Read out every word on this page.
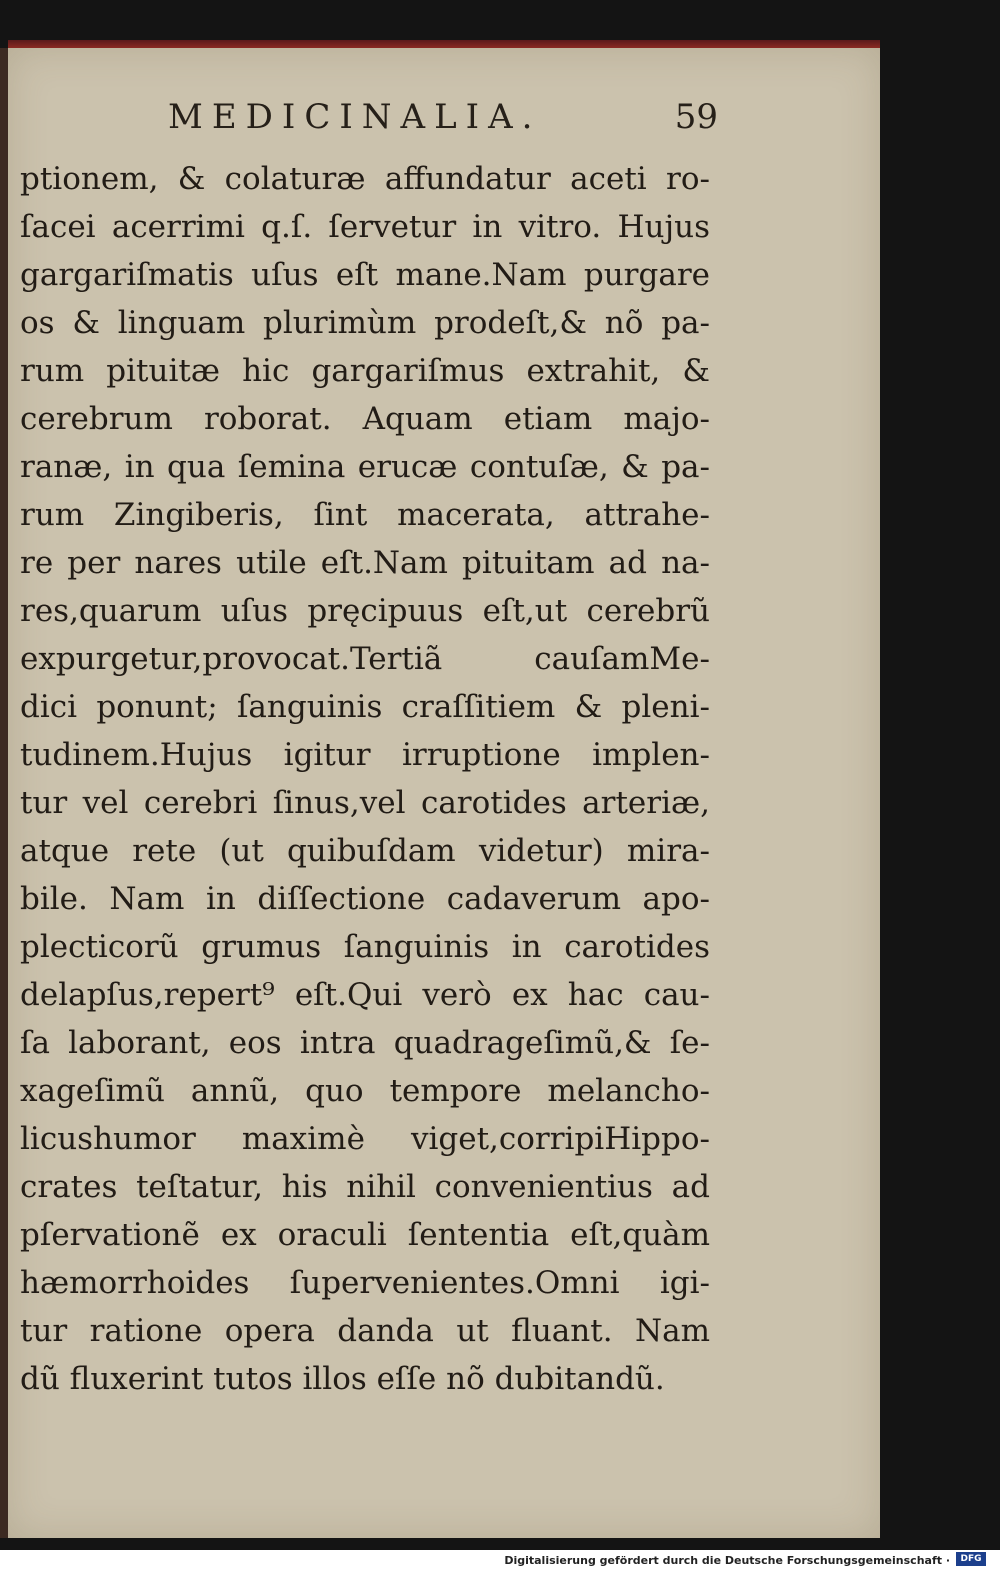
MEDICINALIA.	59
ptionem, & colaturæ affundatur aceti ro-
ſacei acerrimi q.ſ. ſervetur in vitro. Hujus
gargariſmatis uſus eſt mane.Nam purgare
os & linguam plurimùm prodeſt,& nõ pa-
rum pituitæ hic gargariſmus extrahit, &
cerebrum roborat. Aquam etiam majo-
ranæ, in qua ſemina erucæ contuſæ, & pa-
rum Zingiberis, ſint macerata, attrahe-
re per nares utile eſt.Nam pituitam ad na-
res,quarum uſus pręcipuus eſt,ut cerebrũ
expurgetur,provocat.Tertiã cauſamMe-
dici ponunt; ſanguinis craſſitiem & pleni-
tudinem.Hujus igitur irruptione implen-
tur vel cerebri ſinus,vel carotides arteriæ,
atque rete (ut quibuſdam videtur) mira-
bile. Nam in diſſectione cadaverum apo-
plecticorũ grumus ſanguinis in carotides
delapſus,repert⁹ eſt.Qui verò ex hac cau-
ſa laborant, eos intra quadrageſimũ,& ſe-
xageſimũ annũ, quo tempore melancho-
licushumor maximè viget,corripiHippo-
crates teſtatur, his nihil convenientius ad
pſervationẽ ex oraculi ſententia eſt,quàm
hæmorrhoides ſupervenientes.Omni igi-
tur ratione opera danda ut fluant. Nam
dũ fluxerint tutos illos eſſe nõ dubitandũ.
Digitalisierung gefördert durch die Deutsche Forschungsgemeinschaft ·	DFG
